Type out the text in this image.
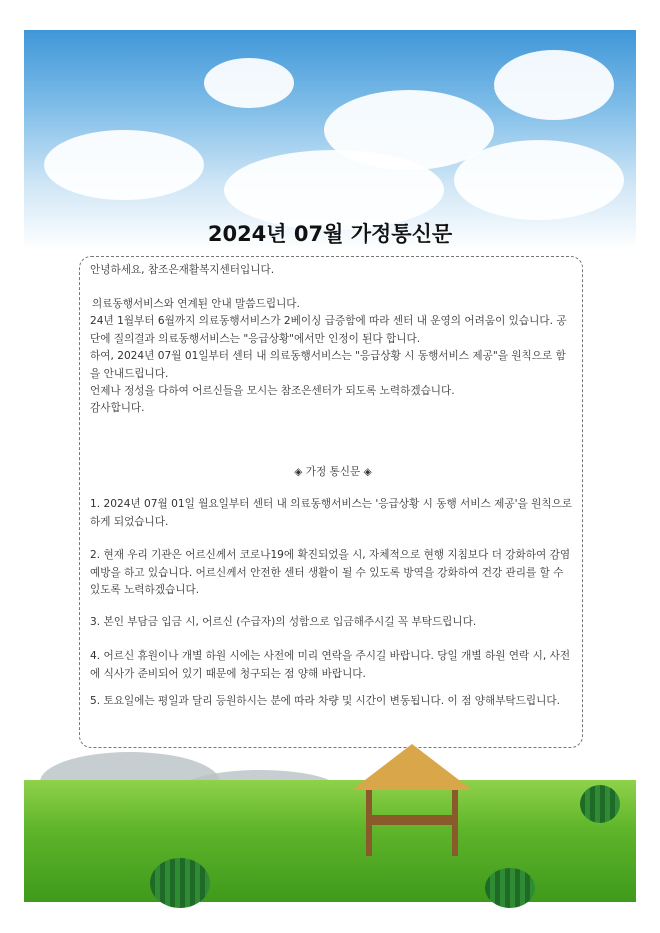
2024년 07월 가정통신문
안녕하세요, 참조은재활복지센터입니다.
의료동행서비스와 연계된 안내 말씀드립니다.
24년 1월부터 6월까지 의료동행서비스가 2베이싱 급증함에 따라 센터 내 운영의 어려움이 있습니다. 공단에 질의결과 의료동행서비스는 "응급상황"에서만 인정이 된다 합니다.
하여, 2024년 07월 01일부터 센터 내 의료동행서비스는 "응급상황 시 동행서비스 제공"을 원칙으로 함을 안내드립니다.
언제나 정성을 다하여 어르신들을 모시는 참조은센터가 되도록 노력하겠습니다.
감사합니다.
◈ 가정 통신문 ◈
1. 2024년 07월 01일 월요일부터 센터 내 의료동행서비스는 '응급상황 시 동행 서비스 제공'을 원칙으로 하게 되었습니다.
2. 현재 우리 기관은 어르신께서 코로나19에 확진되었을 시, 자체적으로 현행 지침보다 더 강화하여 감염 예방을 하고 있습니다. 어르신께서 안전한 센터 생활이 될 수 있도록 방역을 강화하여 건강 관리를 할 수 있도록 노력하겠습니다.
3. 본인 부담금 입금 시, 어르신 (수급자)의 성함으로 입금해주시길 꼭 부탁드립니다.
4. 어르신 휴원이나 개별 하원 시에는 사전에 미리 연락을 주시길 바랍니다. 당일 개별 하원 연락 시, 사전에 식사가 준비되어 있기 때문에 청구되는 점 양해 바랍니다.
5. 토요일에는 평일과 달리 등원하시는 분에 따라 차량 및 시간이 변동됩니다. 이 점 양해부탁드립니다.
